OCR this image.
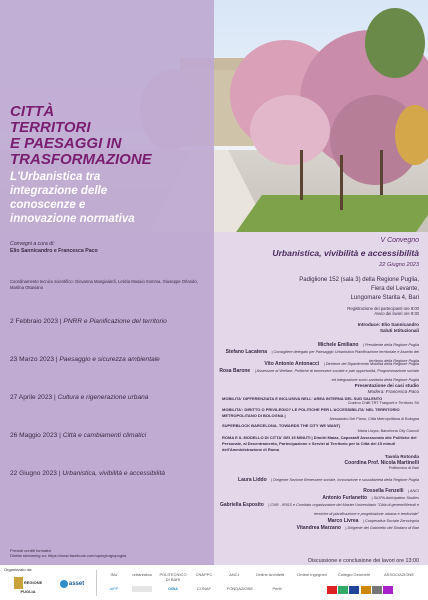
CITTÀ
TERRITORI
E PAESAGGI IN
TRASFORMAZIONE
L'Urbanistica tra
integrazione delle
conoscenze e
innovazione normativa
Convegni a cura di:
Elio Sannicandro e Francesca Paco
Coordinamento tecnico scientifico: Giovanna Mangialardi, Letizia Musaio Somma, Giuseppe Orlando, Martina Ottaviano
2 Febbraio 2023 | PNRR e Pianificazione del territorio
23 Marzo 2023 | Paesaggio e sicurezza ambientale
27 Aprile 2023 | Cultura e rigenerazione urbana
26 Maggio 2023 | Città e cambiamenti climatici
22 Giugno 2023 | Urbanistica, vivibilità e accessibilità
Previsti crediti formativi
Diretta streaming su: https://www.facebook.com/upmgiorgiopuglia
V Convegno
Urbanistica, vivibilità e accessibilità
22 Giugno 2023
Padiglione 152 (sala 3) della Regione Puglia,
Fiera del Levante,
Lungomare Starita 4, Bari
Registrazione dei partecipanti ore 9:00
Avvio dei lavori ore 9:30
Introduce: Elio Sannicandro
Saluti Istituzionali
Michele Emiliano | Presidente della Regione Puglia
Stefano Lacatena | Consigliere delegato per Paesaggio Urbanistica Pianificazione territoriale e Assetto del territorio della Regione Puglia
Vito Antonio Antonacci | Direttore del Dipartimento Mobilità della Regione Puglia
Rosa Barone | Assessore al Welfare, Politiche di benessere sociale e pari opportunità, Programmazione sociale ed integrazione socio-sanitaria della Regione Puglia
Presentazione dei casi studio
Modera: Francesca Paco
MOBILITA' DIFFERENZIATA E INCLUSIVA NELL' AREA INTERNA DEL SUD SALENTO
Cosimo Chiffi TRT Trasporti e Territorio Srl
MOBILITA': DIRITTO O PRIVILEGIO? LE POLITICHE PER L'ACCESSIBILITA' NEL TERRITORIO METROPOLITANO DI BOLOGNA |
Alessandro Del Piano, Città Metropolitana di Bologna
SUPERBLOCK BARCELONA. TOWARDS THE CITY WE WANT|
Maria Lluyra, Barcelona City Council
ROMA E IL MODELLO DI CITTA' DEI 15 MINUTI | Dimitri Maiaz, Capostaff Assessorato alle Politiche del Personale, al Decentramento, Partecipazione e Servizi al Territorio per la Città dei 15 minuti dell'Amministrazione di Roma
Tavola Rotonda
Coordina Prof. Nicola Martinelli
Politecnico di Bari
Laura Liddo | Dirigente Sezione Benessere sociale, Innovazione e sussidiarietà della Regione Puglia
Rossella Fenzelli | ANCI
Antonio Furlanetto | SIOPA Anticipation Studies
Gabriella Esposito | CNR - IRISS e Comitato organizzatore del Master Universitario "Città di genere/Metodi e tecniche di pianificazione e progettazione urbana e territoriale"
Marco Livrea | Cooperativa Sociale Zerovirgola
Vitandrea Marzano | Dirigente del Gabinetto del Sindaco di Bari
Discussione e conclusione dei lavori ore 13:00
Organizzato da:
REGIONE PUGLIA
asset
INU	urbanistica	POLITECNICO DI BARI
CNAPPC	ANCI	Ordine Architetti	Ordine Ingegneri	Collegio Geometri	ASSOCIAZIONE
AIPP	OIBA	CONAF	FONDAZIONE	Periti
